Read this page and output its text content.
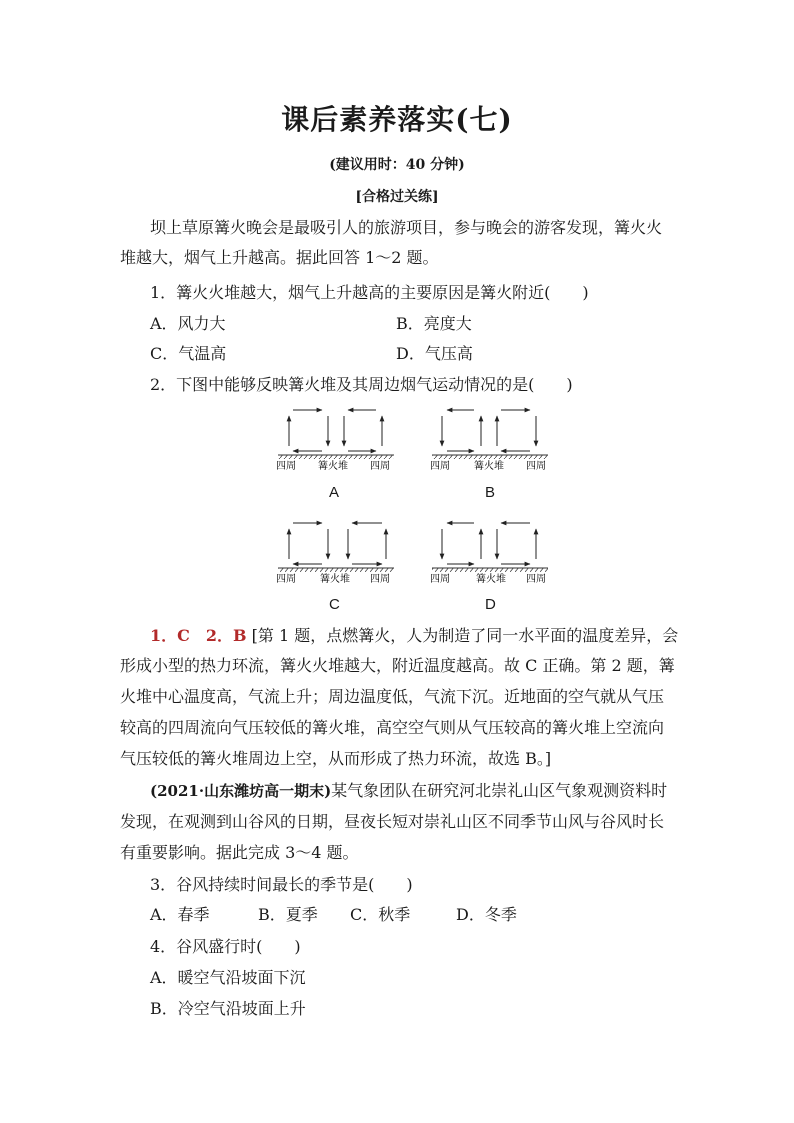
课后素养落实(七)
(建议用时：40 分钟)
[合格过关练]
坝上草原篝火晚会是最吸引人的旅游项目，参与晚会的游客发现，篝火火
堆越大，烟气上升越高。据此回答 1～2 题。
1．篝火火堆越大，烟气上升越高的主要原因是篝火附近(　　)
A．风力大	B．亮度大
C．气温高	D．气压高
2．下图中能够反映篝火堆及其周边烟气运动情况的是(　　)
四周 篝火堆 四周	四周 篝火堆 四周
四周 篝火堆 四周	四周	篝火堆 四周
A	B
C	D
1．C　2．B [第 1 题，点燃篝火，人为制造了同一水平面的温度差异，会
形成小型的热力环流，篝火火堆越大，附近温度越高。故 C 正确。第 2 题，篝
火堆中心温度高，气流上升；周边温度低，气流下沉。近地面的空气就从气压
较高的四周流向气压较低的篝火堆，高空空气则从气压较高的篝火堆上空流向
气压较低的篝火堆周边上空，从而形成了热力环流，故选 B。]
(2021·山东潍坊高一期末)某气象团队在研究河北崇礼山区气象观测资料时
发现，在观测到山谷风的日期，昼夜长短对崇礼山区不同季节山风与谷风时长
有重要影响。据此完成 3～4 题。
3．谷风持续时间最长的季节是(　　)
A．春季	B．夏季 C．秋季	D．冬季
4．谷风盛行时(　　)
A．暖空气沿坡面下沉
B．冷空气沿坡面上升
